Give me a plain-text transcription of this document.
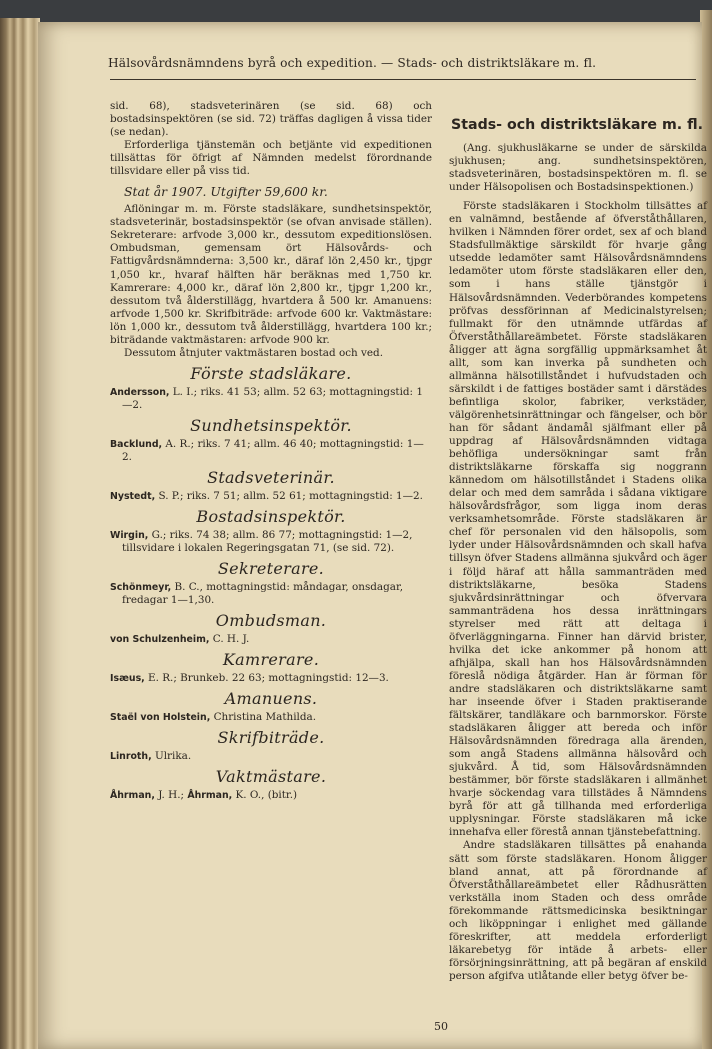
Hälsovårdsnämndens byrå och expedition. — Stads- och distriktsläkare m. fl.

sid. 68), stadsveterinären (se sid. 68) och bostadsinspektören (se sid. 72) träffas dagligen å vissa tider (se nedan).

Erforderliga tjänstemän och betjänte vid expeditionen tillsättas för öfrigt af Nämnden medelst förordnande tillsvidare eller på viss tid.

Stat år 1907. Utgifter 59,600 kr.

Aflöningar m. m. Förste stadsläkare, sundhetsinspektör, stadsveterinär, bostadsinspektör (se ofvan anvisade ställen). Sekreterare: arfvode 3,000 kr., dessutom expeditionslösen. Ombudsman, gemensam ört Hälsovårds- och Fattigvårdsnämnderna: 3,500 kr., däraf lön 2,450 kr., tjpgr 1,050 kr., hvaraf hälften här beräknas med 1,750 kr. Kamrerare: 4,000 kr., däraf lön 2,800 kr., tjpgr 1,200 kr., dessutom två ålderstillägg, hvartdera å 500 kr. Amanuens: arfvode 1,500 kr. Skrifbiträde: arfvode 600 kr. Vaktmästare: lön 1,000 kr., dessutom två ålderstillägg, hvartdera 100 kr.; biträdande vaktmästaren: arfvode 900 kr.

Dessutom åtnjuter vaktmästaren bostad och ved.

Förste stadsläkare.

Andersson, L. I.; riks. 41 53; allm. 52 63; mottagningstid: 1—2.

Sundhetsinspektör.

Backlund, A. R.; riks. 7 41; allm. 46 40; mottagningstid: 1—2.

Stadsveterinär.

Nystedt, S. P.; riks. 7 51; allm. 52 61; mottagningstid: 1—2.

Bostadsinspektör.

Wirgin, G.; riks. 74 38; allm. 86 77; mottagningstid: 1—2, tillsvidare i lokalen Regeringsgatan 71, (se sid. 72).

Sekreterare.

Schönmeyr, B. C., mottagningstid: måndagar, onsdagar, fredagar 1—1,30.

Ombudsman.

von Schulzenheim, C. H. J.

Kamrerare.

Isæus, E. R.; Brunkeb. 22 63; mottagningstid: 12—3.

Amanuens.

Staël von Holstein, Christina Mathilda.

Skrifbiträde.

Linroth, Ulrika.

Vaktmästare.

Åhrman, J. H.; Åhrman, K. O., (bitr.)

Stads- och distriktsläkare m. fl.

(Ang. sjukhusläkarne se under de särskilda sjukhusen; ang. sundhetsinspektören, stadsveterinären, bostadsinspektören m. fl. se under Hälsopolisen och Bostadsinspektionen.)

Förste stadsläkaren i Stockholm tillsättes af en valnämnd, bestående af öfverståthållaren, hvilken i Nämnden förer ordet, sex af och bland Stadsfullmäktige särskildt för hvarje gång utsedde ledamöter samt Hälsovårdsnämndens ledamöter utom förste stadsläkaren eller den, som i hans ställe tjänstgör i Hälsovårdsnämnden. Vederbörandes kompetens pröfvas dessförinnan af Medicinalstyrelsen; fullmakt för den utnämnde utfärdas af Öfverståthållareämbetet. Förste stadsläkaren åligger att ägna sorgfällig uppmärksamhet åt allt, som kan inverka på sundheten och allmänna hälsotillståndet i hufvudstaden och särskildt i de fattiges bostäder samt i därstädes befintliga skolor, fabriker, verkstäder, välgörenhetsinrättningar och fängelser, och bör han för sådant ändamål själfmant eller på uppdrag af Hälsovårdsnämnden vidtaga behöfliga undersökningar samt från distriktsläkarne förskaffa sig noggrann kännedom om hälsotillståndet i Stadens olika delar och med dem samråda i sådana viktigare hälsovårdsfrågor, som ligga inom deras verksamhetsområde. Förste stadsläkaren är chef för personalen vid den hälsopolis, som lyder under Hälsovårdsnämnden och skall hafva tillsyn öfver Stadens allmänna sjukvård och äger i följd häraf att hålla sammanträden med distriktsläkarne, besöka Stadens sjukvårdsinrättningar och öfvervara sammanträdena hos dessa inrättningars styrelser med rätt att deltaga i öfverläggningarna. Finner han därvid brister, hvilka det icke ankommer på honom att afhjälpa, skall han hos Hälsovårdsnämnden föreslå nödiga åtgärder. Han är förman för andre stadsläkaren och distriktsläkarne samt har inseende öfver i Staden praktiserande fältskärer, tandläkare och barnmorskor. Förste stadsläkaren åligger att bereda och inför Hälsovårdsnämnden föredraga alla ärenden, som angå Stadens allmänna hälsovård och sjukvård. Å tid, som Hälsovårdsnämnden bestämmer, bör förste stadsläkaren i allmänhet hvarje söckendag vara tillstädes å Nämndens byrå för att gå tillhanda med erforderliga upplysningar. Förste stadsläkaren må icke innehafva eller förestå annan tjänstebefattning.

Andre stadsläkaren tillsättes på enahanda sätt som förste stadsläkaren. Honom åligger bland annat, att på förordnande af Öfverståthållareämbetet eller Rådhusrätten verkställa inom Staden och dess område förekommande rättsmedicinska besiktningar och liköppningar i enlighet med gällande föreskrifter, att meddela erforderligt läkarebetyg för intäde å arbets- eller försörjningsinrättning, att på begäran af enskild person afgifva utlåtande eller betyg öfver be-

50
